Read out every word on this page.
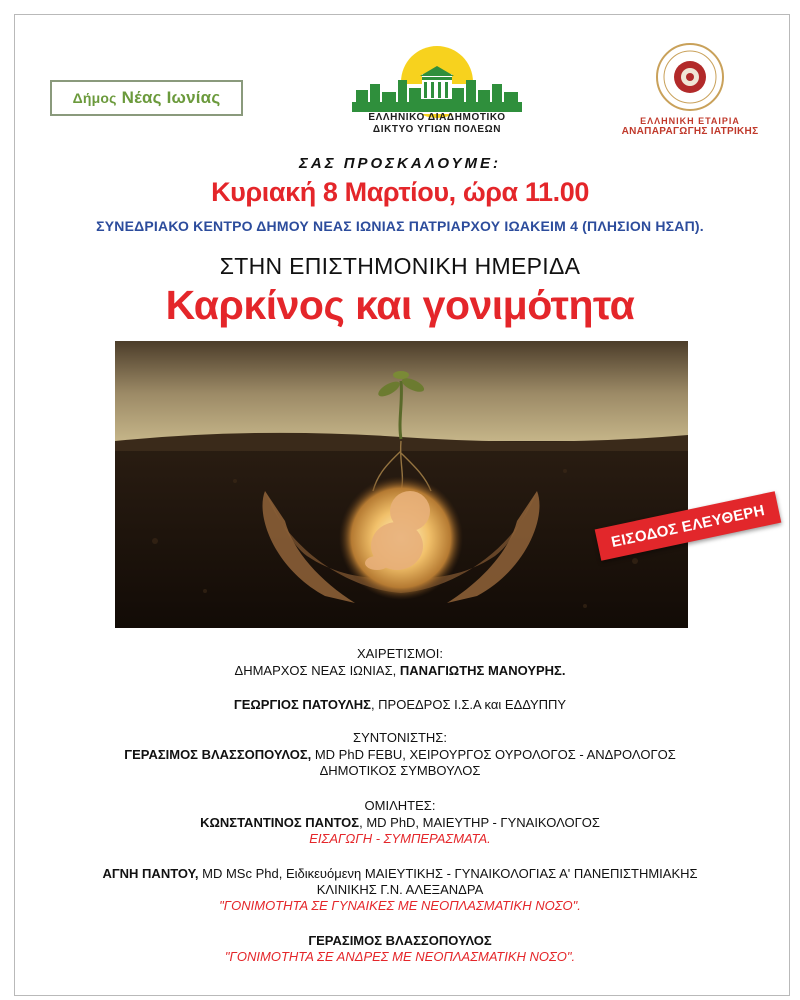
Δήμος Νέας Ιωνίας
ΕΛΛΗΝΙΚΟ ΔΙΑΔΗΜΟΤΙΚΟ
ΔΙΚΤΥΟ ΥΓΙΩΝ ΠΟΛΕΩΝ
ΕΛΛΗΝΙΚΗ ΕΤΑΙΡΙΑ
ΑΝΑΠΑΡΑΓΩΓΗΣ ΙΑΤΡΙΚΗΣ
ΣΑΣ ΠΡΟΣΚΑΛΟΥΜΕ:
Κυριακή 8 Μαρτίου, ώρα 11.00
ΣΥΝΕΔΡΙΑΚΟ ΚΕΝΤΡΟ ΔΗΜΟΥ ΝΕΑΣ ΙΩΝΙΑΣ ΠΑΤΡΙΑΡΧΟΥ ΙΩΑΚΕΙΜ 4 (ΠΛΗΣΙΟΝ ΗΣΑΠ).
ΣΤΗΝ ΕΠΙΣΤΗΜΟΝΙΚΗ ΗΜΕΡΙΔΑ
Καρκίνος και γονιμότητα
ΕΙΣΟΔΟΣ ΕΛΕΥΘΕΡΗ
ΧΑΙΡΕΤΙΣΜΟΙ:
ΔΗΜΑΡΧΟΣ ΝΕΑΣ ΙΩΝΙΑΣ, ΠΑΝΑΓΙΩΤΗΣ ΜΑΝΟΥΡΗΣ.
ΓΕΩΡΓΙΟΣ ΠΑΤΟΥΛΗΣ, ΠΡΟΕΔΡΟΣ Ι.Σ.Α και ΕΔΔΥΠΠΥ
ΣΥΝΤΟΝΙΣΤΗΣ:
ΓΕΡΑΣΙΜΟΣ ΒΛΑΣΣΟΠΟΥΛΟΣ, MD PhD FEBU, ΧΕΙΡΟΥΡΓΟΣ ΟΥΡΟΛΟΓΟΣ - ΑΝΔΡΟΛΟΓΟΣ
ΔΗΜΟΤΙΚΟΣ ΣΥΜΒΟΥΛΟΣ
ΟΜΙΛΗΤΕΣ:
ΚΩΝΣΤΑΝΤΙΝΟΣ ΠΑΝΤΟΣ, MD PhD, ΜΑΙΕΥΤΗΡ - ΓΥΝΑΙΚΟΛΟΓΟΣ
ΕΙΣΑΓΩΓΗ - ΣΥΜΠΕΡΑΣΜΑΤΑ.
ΑΓΝΗ ΠΑΝΤΟΥ, MD MSc Phd, Ειδικευόμενη ΜΑΙΕΥΤΙΚΗΣ - ΓΥΝΑΙΚΟΛΟΓΙΑΣ Α' ΠΑΝΕΠΙΣΤΗΜΙΑΚΗΣ
ΚΛΙΝΙΚΗΣ Γ.Ν. ΑΛΕΞΑΝΔΡΑ
"ΓΟΝΙΜΟΤΗΤΑ ΣΕ ΓΥΝΑΙΚΕΣ ΜΕ ΝΕΟΠΛΑΣΜΑΤΙΚΗ ΝΟΣΟ".
ΓΕΡΑΣΙΜΟΣ ΒΛΑΣΣΟΠΟΥΛΟΣ
"ΓΟΝΙΜΟΤΗΤΑ ΣΕ ΑΝΔΡΕΣ ΜΕ ΝΕΟΠΛΑΣΜΑΤΙΚΗ ΝΟΣΟ".
